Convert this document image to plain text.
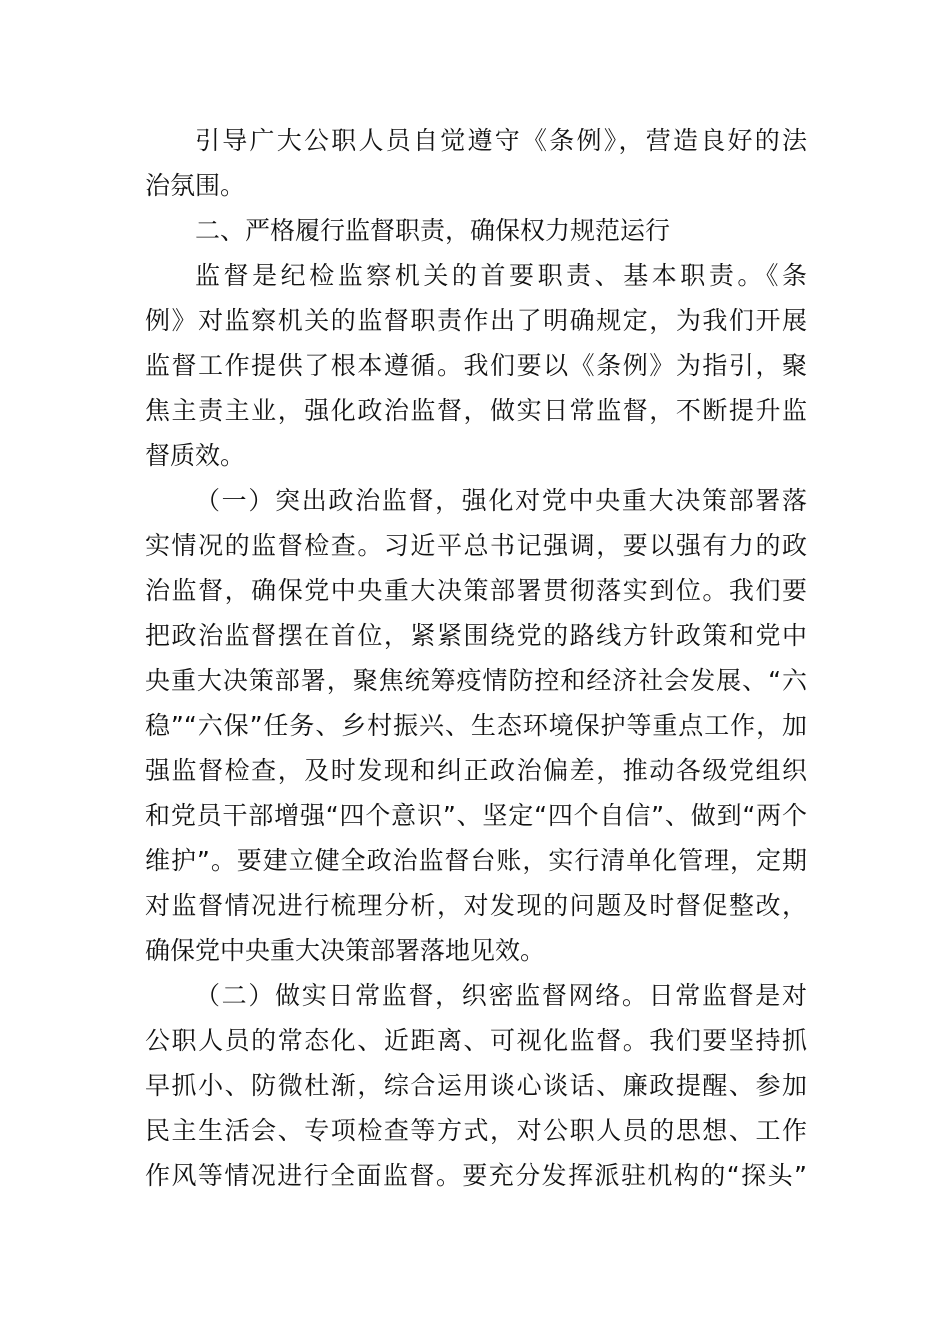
引导广大公职人员自觉遵守《条例》，营造良好的法
治氛围。
二、严格履行监督职责，确保权力规范运行
监督是纪检监察机关的首要职责、基本职责。《条
例》对监察机关的监督职责作出了明确规定，为我们开展
监督工作提供了根本遵循。我们要以《条例》为指引，聚
焦主责主业，强化政治监督，做实日常监督，不断提升监
督质效。
（一）突出政治监督，强化对党中央重大决策部署落
实情况的监督检查。习近平总书记强调，要以强有力的政
治监督，确保党中央重大决策部署贯彻落实到位。我们要
把政治监督摆在首位，紧紧围绕党的路线方针政策和党中
央重大决策部署，聚焦统筹疫情防控和经济社会发展、“六
稳”“六保”任务、乡村振兴、生态环境保护等重点工作，加
强监督检查，及时发现和纠正政治偏差，推动各级党组织
和党员干部增强“四个意识”、坚定“四个自信”、做到“两个
维护”。要建立健全政治监督台账，实行清单化管理，定期
对监督情况进行梳理分析，对发现的问题及时督促整改，
确保党中央重大决策部署落地见效。
（二）做实日常监督，织密监督网络。日常监督是对
公职人员的常态化、近距离、可视化监督。我们要坚持抓
早抓小、防微杜渐，综合运用谈心谈话、廉政提醒、参加
民主生活会、专项检查等方式，对公职人员的思想、工作
作风等情况进行全面监督。要充分发挥派驻机构的“探头”
